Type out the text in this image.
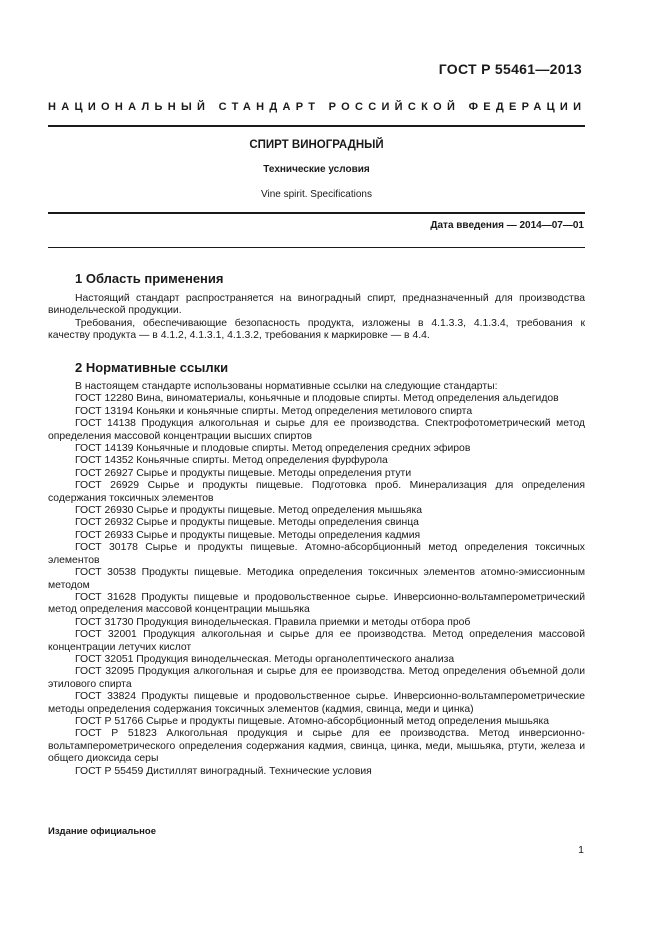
ГОСТ Р 55461—2013
НАЦИОНАЛЬНЫЙ СТАНДАРТ РОССИЙСКОЙ ФЕДЕРАЦИИ
СПИРТ ВИНОГРАДНЫЙ
Технические условия
Vine spirit. Specifications
Дата введения — 2014—07—01
1 Область применения

Настоящий стандарт распространяется на виноградный спирт, предназначенный для производства винодельческой продукции.

Требования, обеспечивающие безопасность продукта, изложены в 4.1.3.3, 4.1.3.4, требования к качеству продукта — в 4.1.2, 4.1.3.1, 4.1.3.2, требования к маркировке — в 4.4.

2 Нормативные ссылки

В настоящем стандарте использованы нормативные ссылки на следующие стандарты:

ГОСТ 12280 Вина, виноматериалы, коньячные и плодовые спирты. Метод определения альдегидов

ГОСТ 13194 Коньяки и коньячные спирты. Метод определения метилового спирта

ГОСТ 14138 Продукция алкогольная и сырье для ее производства. Спектрофотометрический метод определения массовой концентрации высших спиртов

ГОСТ 14139 Коньячные и плодовые спирты. Метод определения средних эфиров

ГОСТ 14352 Коньячные спирты. Метод определения фурфурола

ГОСТ 26927 Сырье и продукты пищевые. Методы определения ртути

ГОСТ 26929 Сырье и продукты пищевые. Подготовка проб. Минерализация для определения содержания токсичных элементов

ГОСТ 26930 Сырье и продукты пищевые. Метод определения мышьяка

ГОСТ 26932 Сырье и продукты пищевые. Методы определения свинца

ГОСТ 26933 Сырье и продукты пищевые. Методы определения кадмия

ГОСТ 30178 Сырье и продукты пищевые. Атомно-абсорбционный метод определения токсичных элементов

ГОСТ 30538 Продукты пищевые. Методика определения токсичных элементов атомно-эмиссионным методом

ГОСТ 31628 Продукты пищевые и продовольственное сырье. Инверсионно-вольтамперометрический метод определения массовой концентрации мышьяка

ГОСТ 31730 Продукция винодельческая. Правила приемки и методы отбора проб

ГОСТ 32001 Продукция алкогольная и сырье для ее производства. Метод определения массовой концентрации летучих кислот

ГОСТ 32051 Продукция винодельческая. Методы органолептического анализа

ГОСТ 32095 Продукция алкогольная и сырье для ее производства. Метод определения объемной доли этилового спирта

ГОСТ 33824 Продукты пищевые и продовольственное сырье. Инверсионно-вольтамперометрические методы определения содержания токсичных элементов (кадмия, свинца, меди и цинка)

ГОСТ Р 51766 Сырье и продукты пищевые. Атомно-абсорбционный метод определения мышьяка

ГОСТ Р 51823 Алкогольная продукция и сырье для ее производства. Метод инверсионно-вольтамперометрического определения содержания кадмия, свинца, цинка, меди, мышьяка, ртути, железа и общего диоксида серы

ГОСТ Р 55459 Дистиллят виноградный. Технические условия

Издание официальное
1
